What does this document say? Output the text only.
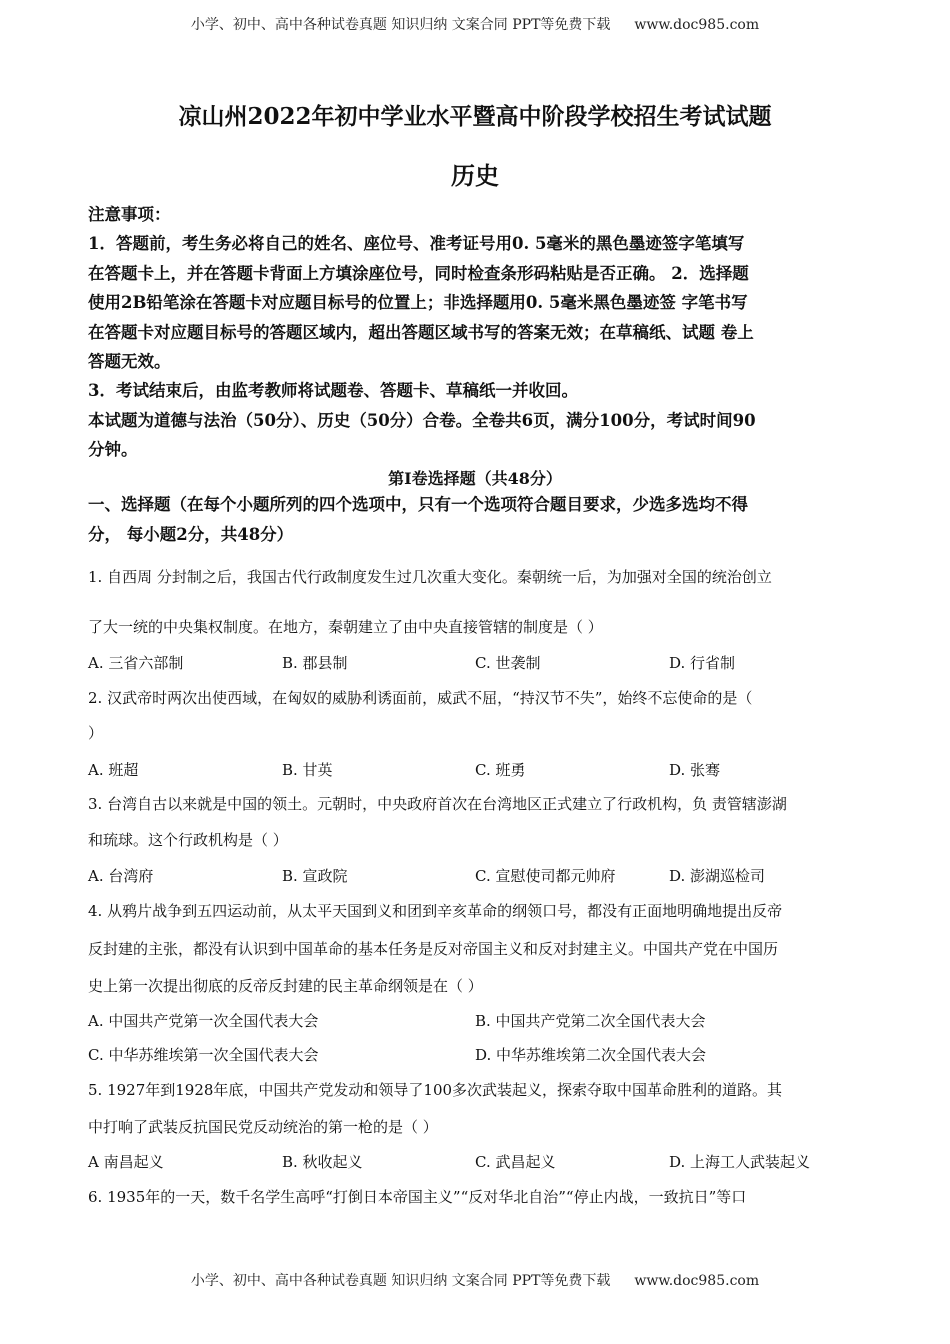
小学、初中、高中各种试卷真题 知识归纳 文案合同 PPT等免费下载 www.doc985.com
凉山州2022年初中学业水平暨高中阶段学校招生考试试题
历史
注意事项：
1．答题前，考生务必将自己的姓名、座位号、准考证号用0. 5毫米的黑色墨迹签字笔填写
在答题卡上，并在答题卡背面上方填涂座位号，同时检查条形码粘贴是否正确。 2．选择题
使用2B铅笔涂在答题卡对应题目标号的位置上；非选择题用0. 5毫米黑色墨迹签 字笔书写
在答题卡对应题目标号的答题区域内，超出答题区域书写的答案无效；在草稿纸、试题 卷上
答题无效。
3．考试结束后，由监考教师将试题卷、答题卡、草稿纸一并收回。
本试题为道德与法治（50分）、历史（50分）合卷。全卷共6页，满分100分，考试时间90
分钟。
第I卷选择题（共48分）
一、选择题（在每个小题所列的四个选项中，只有一个选项符合题目要求，少选多选均不得
分， 每小题2分，共48分）
1. 自西周 分封制之后，我国古代行政制度发生过几次重大变化。秦朝统一后，为加强对全国的统治创立
了大一统的中央集权制度。在地方，秦朝建立了由中央直接管辖的制度是（ ）
A. 三省六部制	B. 郡县制	C. 世袭制	D. 行省制
2. 汉武帝时两次出使西域，在匈奴的威胁利诱面前，威武不屈，“持汉节不失”，始终不忘使命的是（
）
A. 班超	B. 甘英	C. 班勇	D. 张骞
3. 台湾自古以来就是中国的领土。元朝时，中央政府首次在台湾地区正式建立了行政机构，负 责管辖澎湖
和琉球。这个行政机构是（ ）
A. 台湾府	B. 宣政院	C. 宣慰使司都元帅府	D. 澎湖巡检司
4. 从鸦片战争到五四运动前，从太平天国到义和团到辛亥革命的纲领口号，都没有正面地明确地提出反帝
反封建的主张，都没有认识到中国革命的基本任务是反对帝国主义和反对封建主义。中国共产党在中国历
史上第一次提出彻底的反帝反封建的民主革命纲领是在（ ）
A. 中国共产党第一次全国代表大会	B. 中国共产党第二次全国代表大会
C. 中华苏维埃第一次全国代表大会	D. 中华苏维埃第二次全国代表大会
5. 1927年到1928年底，中国共产党发动和领导了100多次武装起义，探索夺取中国革命胜利的道路。其
中打响了武装反抗国民党反动统治的第一枪的是（ ）
A 南昌起义	B. 秋收起义	C. 武昌起义	D. 上海工人武装起义
6. 1935年的一天，数千名学生高呼“打倒日本帝国主义”“反对华北自治”“停止内战，一致抗日”等口
小学、初中、高中各种试卷真题 知识归纳 文案合同 PPT等免费下载 www.doc985.com
